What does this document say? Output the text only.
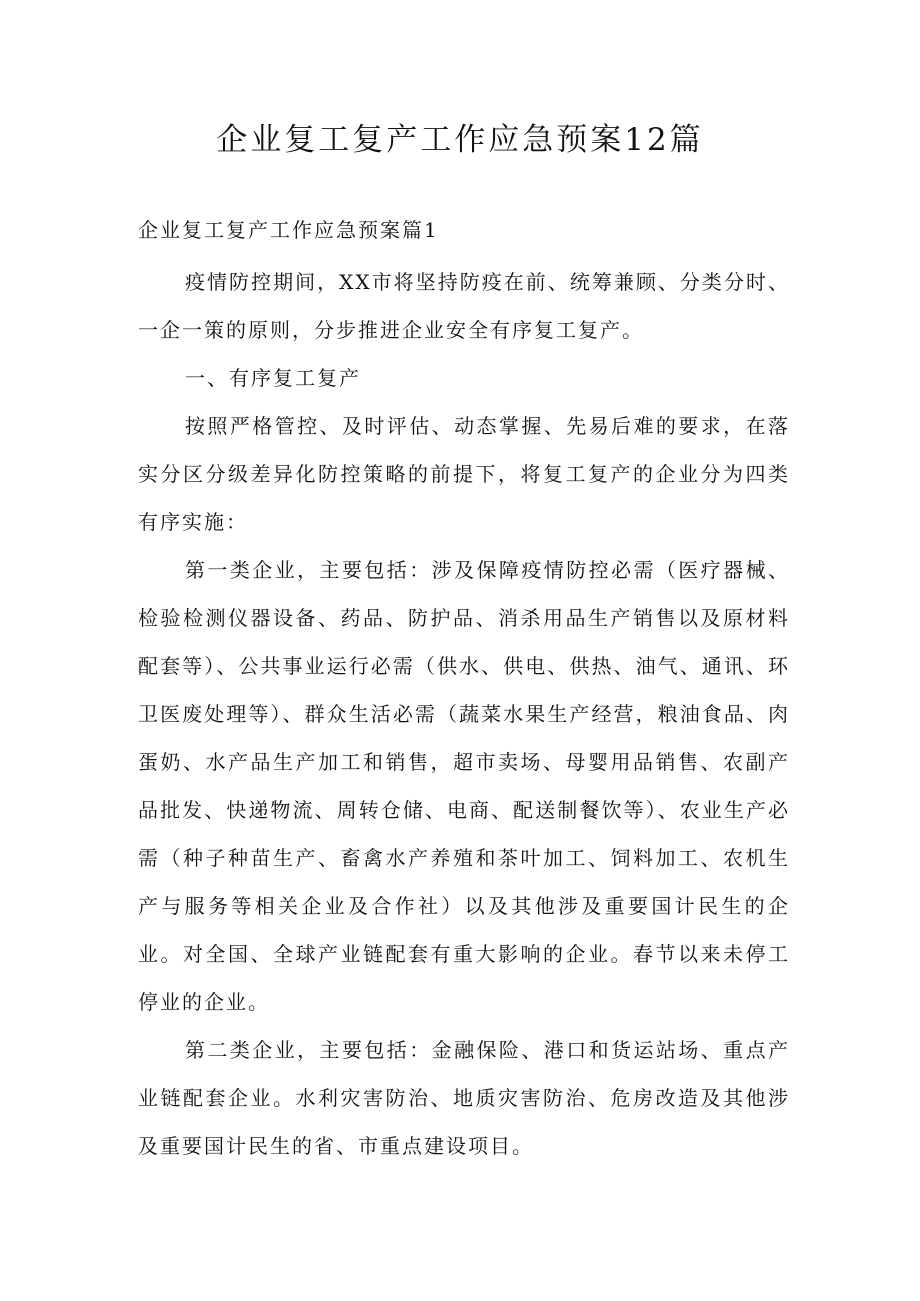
企业复工复产工作应急预案12篇
企业复工复产工作应急预案篇1

疫情防控期间，XX市将坚持防疫在前、统筹兼顾、分类分时、一企一策的原则，分步推进企业安全有序复工复产。

一、有序复工复产

按照严格管控、及时评估、动态掌握、先易后难的要求，在落实分区分级差异化防控策略的前提下，将复工复产的企业分为四类有序实施：

第一类企业，主要包括：涉及保障疫情防控必需（医疗器械、检验检测仪器设备、药品、防护品、消杀用品生产销售以及原材料配套等）、公共事业运行必需（供水、供电、供热、油气、通讯、环卫医废处理等）、群众生活必需（蔬菜水果生产经营，粮油食品、肉蛋奶、水产品生产加工和销售，超市卖场、母婴用品销售、农副产品批发、快递物流、周转仓储、电商、配送制餐饮等）、农业生产必需（种子种苗生产、畜禽水产养殖和茶叶加工、饲料加工、农机生产与服务等相关企业及合作社）以及其他涉及重要国计民生的企业。对全国、全球产业链配套有重大影响的企业。春节以来未停工停业的企业。

第二类企业，主要包括：金融保险、港口和货运站场、重点产业链配套企业。水利灾害防治、地质灾害防治、危房改造及其他涉及重要国计民生的省、市重点建设项目。
